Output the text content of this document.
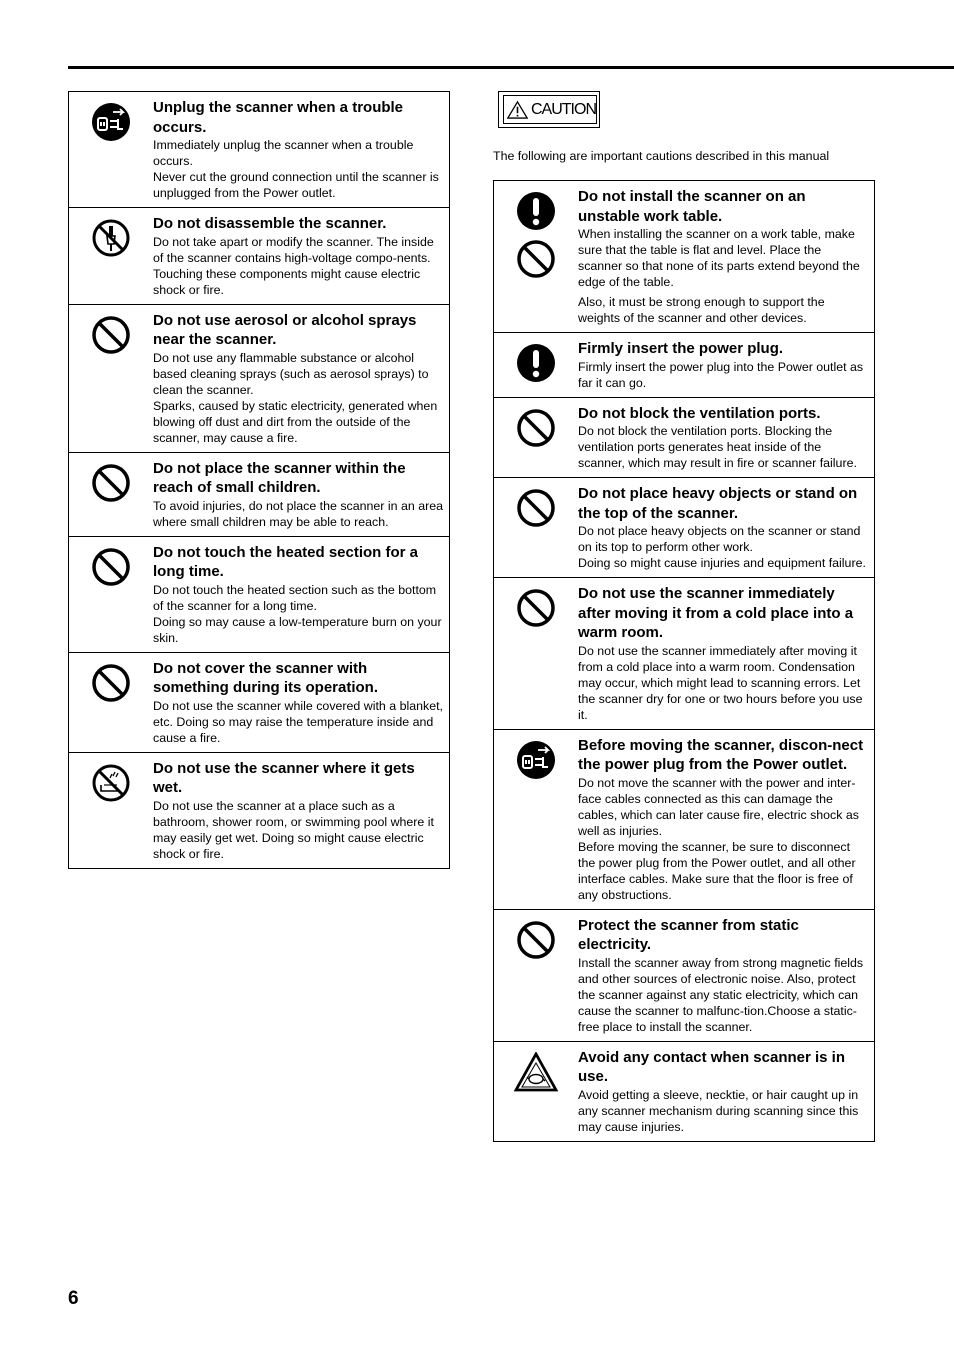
Unplug the scanner when a trouble occurs.

Immediately unplug the scanner when a trouble occurs.

Never cut the ground connection until the scanner is unplugged from the Power outlet.

Do not disassemble the scanner.

Do not take apart or modify the scanner. The inside of the scanner contains high-voltage compo-nents.

Touching these components might cause electric shock or fire.

Do not use aerosol or alcohol sprays near the scanner.

Do not use any flammable substance or alcohol based cleaning sprays (such as aerosol sprays) to clean the scanner.

Sparks, caused by static electricity, generated when blowing off dust and dirt from the outside of the scanner, may cause a fire.

Do not place the scanner within the reach of small children.

To avoid injuries, do not place the scanner in an area where small children may be able to reach.

Do not touch the heated section for a long time.

Do not touch the heated section such as the bottom of the scanner for a long time.

Doing so may cause a low-temperature burn on your skin.

Do not cover the scanner with something during its operation.

Do not use the scanner while covered with a blanket, etc. Doing so may raise the temperature inside and cause a fire.

Do not use the scanner where it gets wet.

Do not use the scanner at a place such as a bathroom, shower room, or swimming pool where it may easily get wet. Doing so might cause electric shock or fire.

CAUTION
The following are important cautions described in this manual

Do not install the scanner on an unstable work table.

When installing the scanner on a work table, make sure that the table is flat and level. Place the scanner so that none of its parts extend beyond the edge of the table.

Also, it must be strong enough to support the weights of the scanner and other devices.

Firmly insert the power plug.

Firmly insert the power plug into the Power outlet as far it can go.

Do not block the ventilation ports.

Do not block the ventilation ports. Blocking the ventilation ports generates heat inside of the scanner, which may result in fire or scanner failure.

Do not place heavy objects or stand on the top of the scanner.

Do not place heavy objects on the scanner or stand on its top to perform other work.

Doing so might cause injuries and equipment failure.

Do not use the scanner immediately after moving it from a cold place into a warm room.

Do not use the scanner immediately after moving it from a cold place into a warm room. Condensation may occur, which might lead to scanning errors. Let the scanner dry for one or two hours before you use it.

Before moving the scanner, discon-nect the power plug from the Power outlet.

Do not move the scanner with the power and inter-face cables connected as this can damage the cables, which can later cause fire, electric shock as well as injuries.

Before moving the scanner, be sure to disconnect the power plug from the Power outlet, and all other interface cables. Make sure that the floor is free of any obstructions.

Protect the scanner from static electricity.

Install the scanner away from strong magnetic fields and other sources of electronic noise. Also, protect the scanner against any static electricity, which can cause the scanner to malfunc-tion.Choose a static-free place to install the scanner.

Avoid any contact when scanner is in use.

Avoid getting a sleeve, necktie, or hair caught up in any scanner mechanism during scanning since this may cause injuries.

6
